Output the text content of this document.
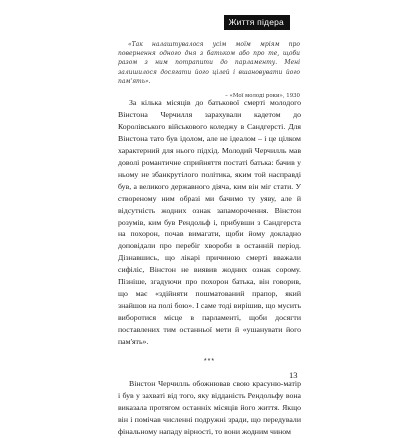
Життя підера

«Так налаштувалося усім моїм мріям про повернення одного дня з батьком або про те, щоби разом з ним потрапити до парламенту. Мені залишилося досягати його цілей і вшановувати його пам'ять».

– «Мої молоді роки», 1930

За кілька місяців до батькової смерті молодого Вінстона Черчилля зарахували кадетом до Королівського військового коледжу в Сандгерсті. Для Вінстона тато був ідолом, але не ідеалом – і це цілком характерний для нього підхід. Молодий Черчилль мав доволі романтичне сприйняття постаті батька: бачив у ньому не збанкрутілого політика, яким той насправді був, а великого державного діяча, ким він міг стати. У створеному ним образі ми бачимо ту уяву, але й відсутність жодних ознак запаморочення. Вінстон розумів, ким був Рендольф і, прибувши з Сандгерста на похорон, почав вимагати, щоби йому докладно доповідали про перебіг хвороби в останній період. Дізнавшись, що лікарі причиною смерті вважали сифіліс, Вінстон не виявив жодних ознак сорому. Пізніше, згадуючи про похорон батька, він говорив, що має «здійняти пошматований прапор, який знайшов на полі бою». І саме тоді вирішив, що мусить виборотися місце в парламенті, щоби досягти поставлених тим останньої мети й «ушанувати його пам'ять».

***

Вінстон Черчилль обожнював свою красуню-матір і був у захваті від того, яку відданість Рендольфу вона виказала протягом останніх місяців його життя. Якщо він і помічав численні подружні зради, що передували фінальному нападу вірності, то вони жодним чином

13
